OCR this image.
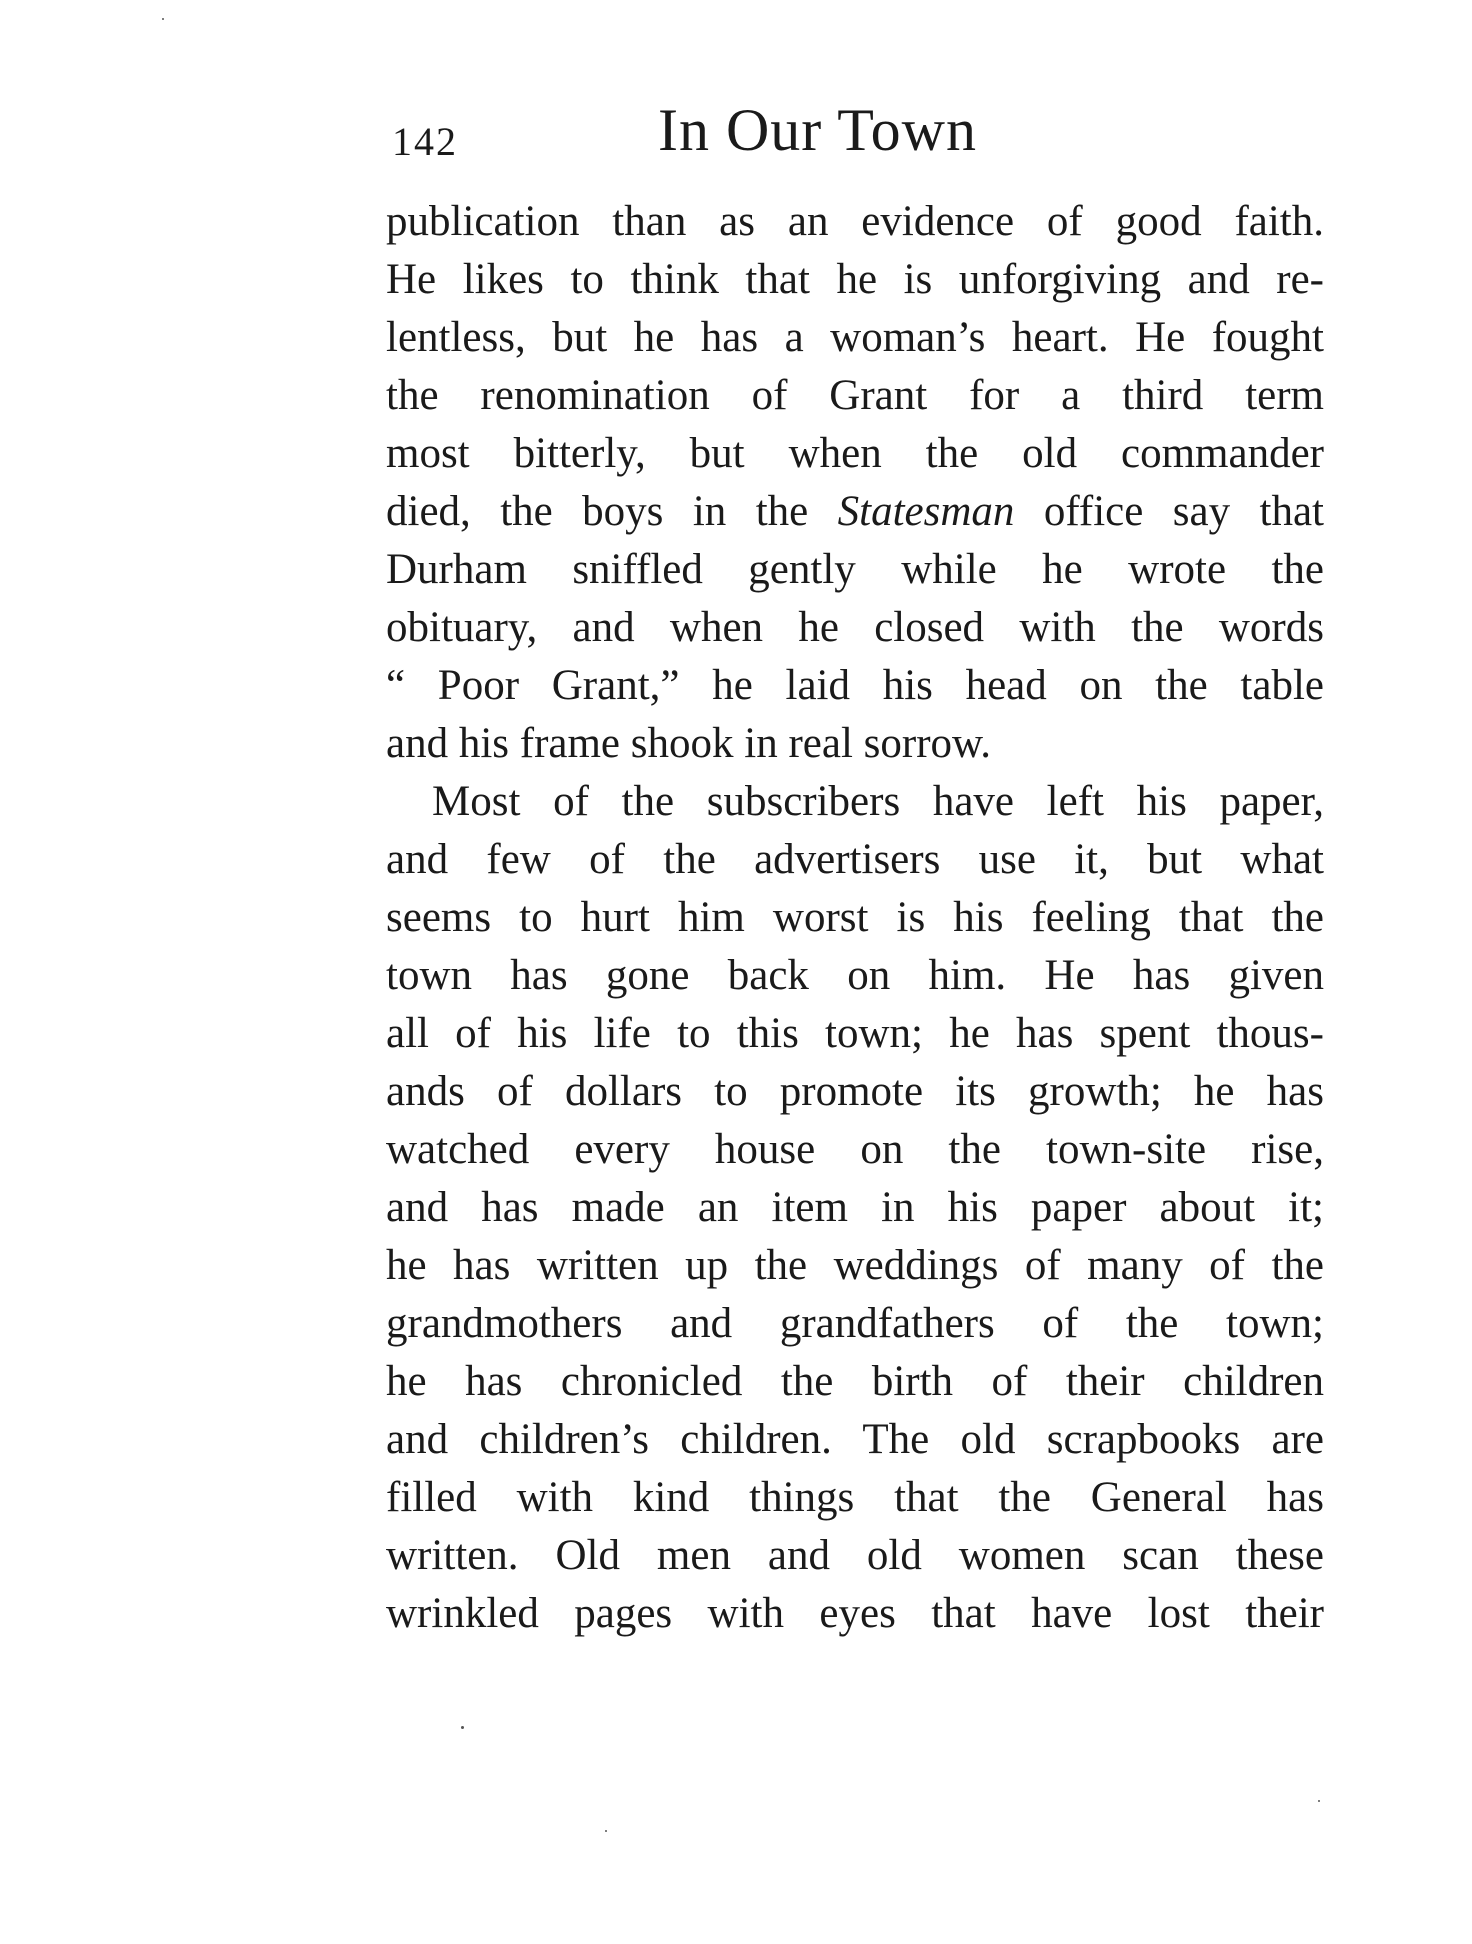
142	In Our Town
publication than as an evidence of good faith.
He likes to think that he is unforgiving and re-
lentless, but he has a woman’s heart. He fought
the renomination of Grant for a third term
most bitterly, but when the old commander
died, the boys in the Statesman office say that
Durham sniffled gently while he wrote the
obituary, and when he closed with the words
“ Poor Grant,” he laid his head on the table
and his frame shook in real sorrow.
Most of the subscribers have left his paper,
and few of the advertisers use it, but what
seems to hurt him worst is his feeling that the
town has gone back on him. He has given
all of his life to this town; he has spent thous-
ands of dollars to promote its growth; he has
watched every house on the town-site rise,
and has made an item in his paper about it;
he has written up the weddings of many of the
grandmothers and grandfathers of the town;
he has chronicled the birth of their children
and children’s children. The old scrapbooks are
filled with kind things that the General has
written. Old men and old women scan these
wrinkled pages with eyes that have lost their
